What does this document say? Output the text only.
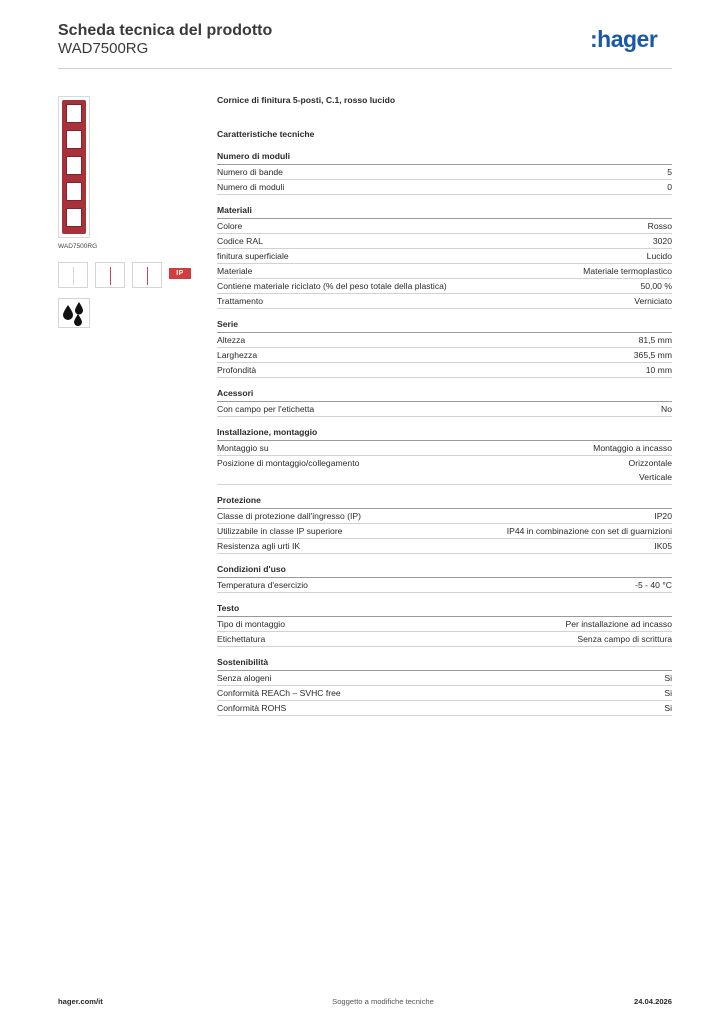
Scheda tecnica del prodotto
WAD7500RG	:hager
WAD7500RG
IP
Cornice di finitura 5-posti, C.1, rosso lucido
Caratteristiche tecniche
Numero di moduli
Numero di bande	5
Numero di moduli	0
Materiali
Colore	Rosso
Codice RAL	3020
finitura superficiale	Lucido
Materiale	Materiale termoplastico
Contiene materiale riciclato (% del peso totale della plastica)	50,00 %
Trattamento	Verniciato
Serie
Altezza	81,5 mm
Larghezza	365,5 mm
Profondità	10 mm
Acessori
Con campo per l'etichetta	No
Installazione, montaggio
Montaggio su	Montaggio a incasso
Posizione di montaggio/collegamento	Orizzontale
Verticale
Protezione
Classe di protezione dall'ingresso (IP)	IP20
Utilizzabile in classe IP superiore	IP44 in combinazione con set di guarnizioni
Resistenza agli urti IK	IK05
Condizioni d'uso
Temperatura d'esercizio	-5 - 40 °C
Testo
Tipo di montaggio	Per installazione ad incasso
Etichettatura	Senza campo di scrittura
Sostenibilità
Senza alogeni	Si
Conformità REACh – SVHC free	Si
Conformità ROHS	Si
hager.com/it	Soggetto a modifiche tecniche	24.04.2026
